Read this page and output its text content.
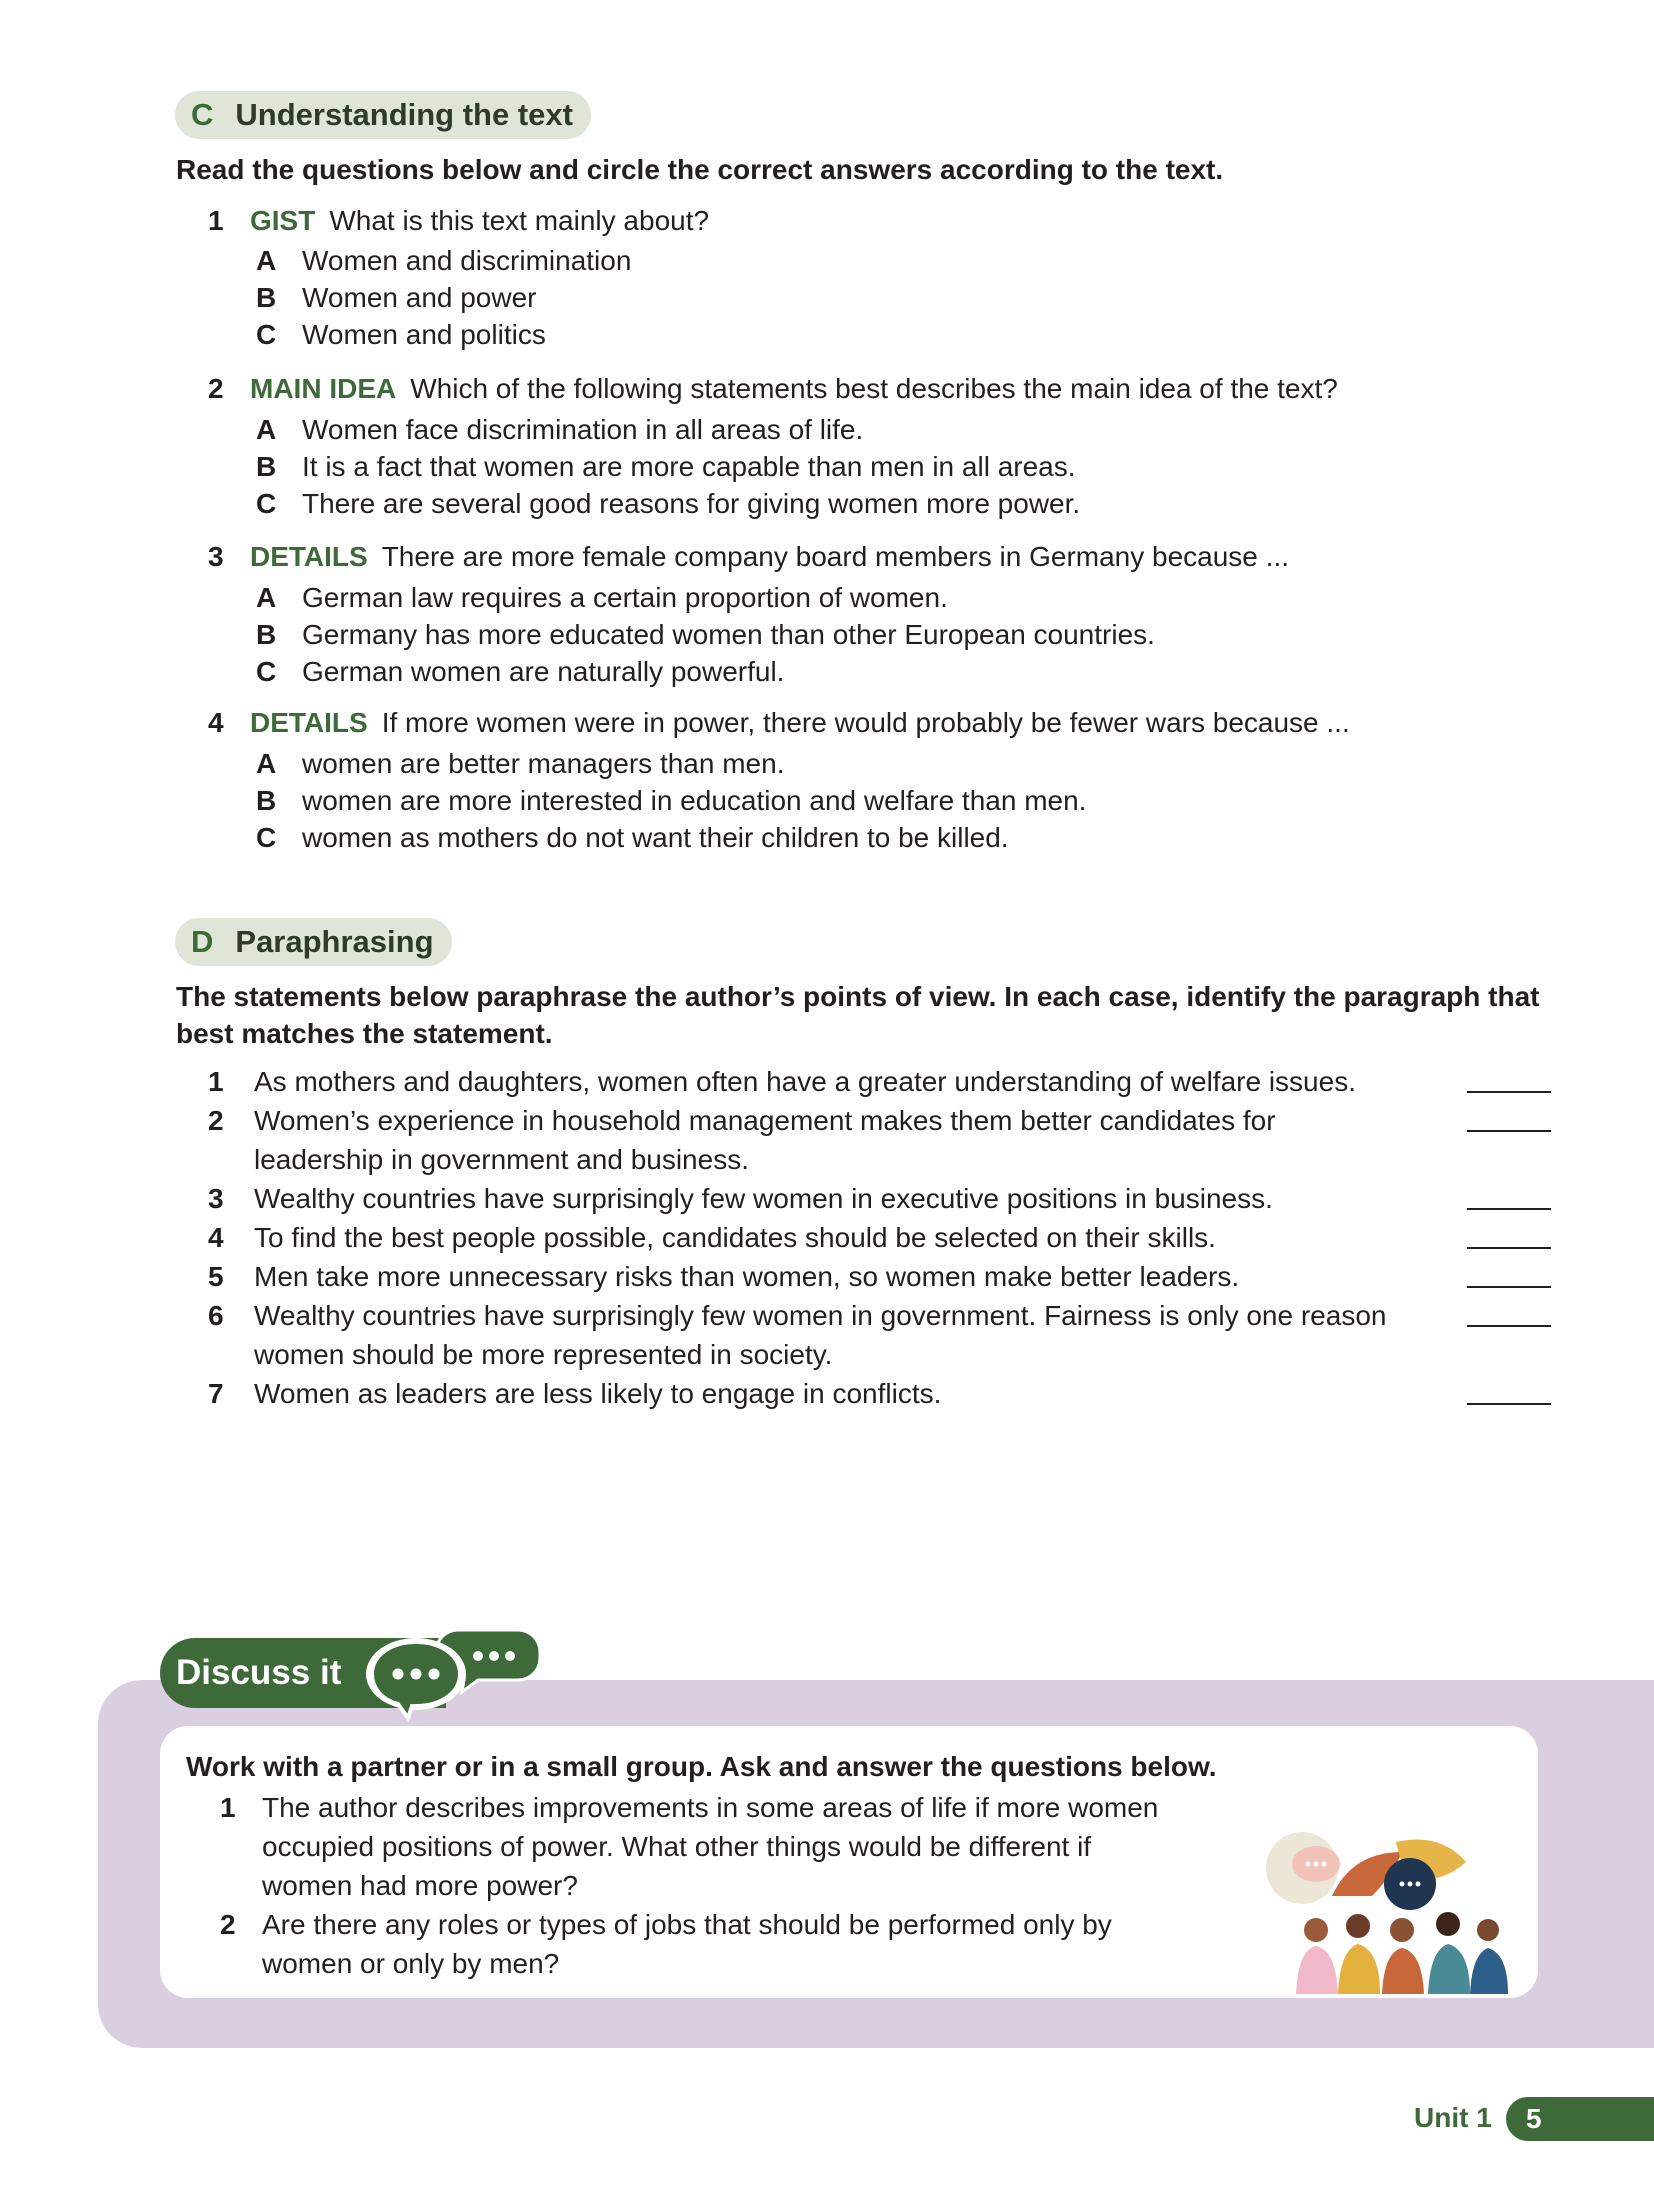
C Understanding the text
Read the questions below and circle the correct answers according to the text.
1 GIST What is this text mainly about?
A Women and discrimination
B Women and power
C Women and politics
2 MAIN IDEA Which of the following statements best describes the main idea of the text?
A Women face discrimination in all areas of life.
B It is a fact that women are more capable than men in all areas.
C There are several good reasons for giving women more power.
3 DETAILS There are more female company board members in Germany because ...
A German law requires a certain proportion of women.
B Germany has more educated women than other European countries.
C German women are naturally powerful.
4 DETAILS If more women were in power, there would probably be fewer wars because ...
A women are better managers than men.
B women are more interested in education and welfare than men.
C women as mothers do not want their children to be killed.
D Paraphrasing
The statements below paraphrase the author’s points of view. In each case, identify the paragraph that best matches the statement.
1 As mothers and daughters, women often have a greater understanding of welfare issues.
2 Women’s experience in household management makes them better candidates for leadership in government and business.
3 Wealthy countries have surprisingly few women in executive positions in business.
4 To find the best people possible, candidates should be selected on their skills.
5 Men take more unnecessary risks than women, so women make better leaders.
6 Wealthy countries have surprisingly few women in government. Fairness is only one reason women should be more represented in society.
7 Women as leaders are less likely to engage in conflicts.
Discuss it
Work with a partner or in a small group. Ask and answer the questions below.
1 The author describes improvements in some areas of life if more women occupied positions of power. What other things would be different if women had more power?
2 Are there any roles or types of jobs that should be performed only by women or only by men?
Unit 1 5
